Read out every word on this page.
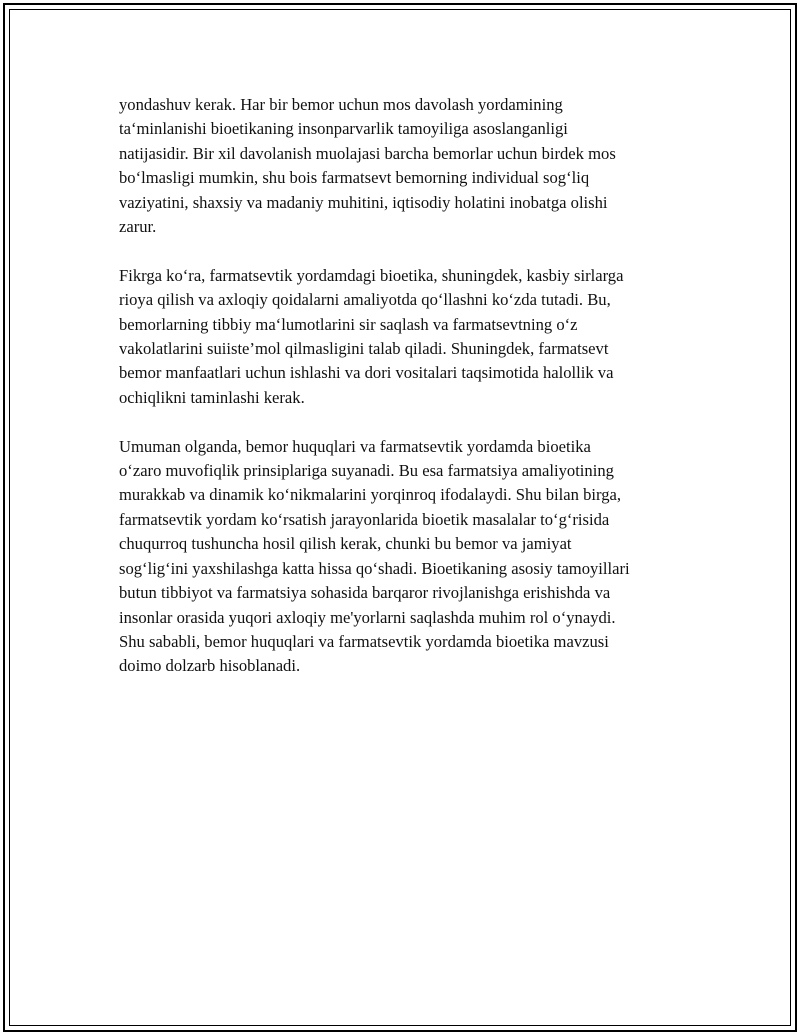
yondashuv kerak. Har bir bemor uchun mos davolash yordamining
ta‘minlanishi bioetikaning insonparvarlik tamoyiliga asoslanganligi
natijasidir. Bir xil davolanish muolajasi barcha bemorlar uchun birdek mos
bo‘lmasligi mumkin, shu bois farmatsevt bemorning individual sog‘liq
vaziyatini, shaxsiy va madaniy muhitini, iqtisodiy holatini inobatga olishi
zarur.

Fikrga ko‘ra, farmatsevtik yordamdagi bioetika, shuningdek, kasbiy sirlarga
rioya qilish va axloqiy qoidalarni amaliyotda qo‘llashni ko‘zda tutadi. Bu,
bemorlarning tibbiy ma‘lumotlarini sir saqlash va farmatsevtning o‘z
vakolatlarini suiiste’mol qilmasligini talab qiladi. Shuningdek, farmatsevt
bemor manfaatlari uchun ishlashi va dori vositalari taqsimotida halollik va
ochiqlikni taminlashi kerak.

Umuman olganda, bemor huquqlari va farmatsevtik yordamda bioetika
o‘zaro muvofiqlik prinsiplariga suyanadi. Bu esa farmatsiya amaliyotining
murakkab va dinamik ko‘nikmalarini yorqinroq ifodalaydi. Shu bilan birga,
farmatsevtik yordam ko‘rsatish jarayonlarida bioetik masalalar to‘g‘risida
chuqurroq tushuncha hosil qilish kerak, chunki bu bemor va jamiyat
sog‘lig‘ini yaxshilashga katta hissa qo‘shadi. Bioetikaning asosiy tamoyillari
butun tibbiyot va farmatsiya sohasida barqaror rivojlanishga erishishda va
insonlar orasida yuqori axloqiy me'yorlarni saqlashda muhim rol o‘ynaydi.
Shu sababli, bemor huquqlari va farmatsevtik yordamda bioetika mavzusi
doimo dolzarb hisoblanadi.
